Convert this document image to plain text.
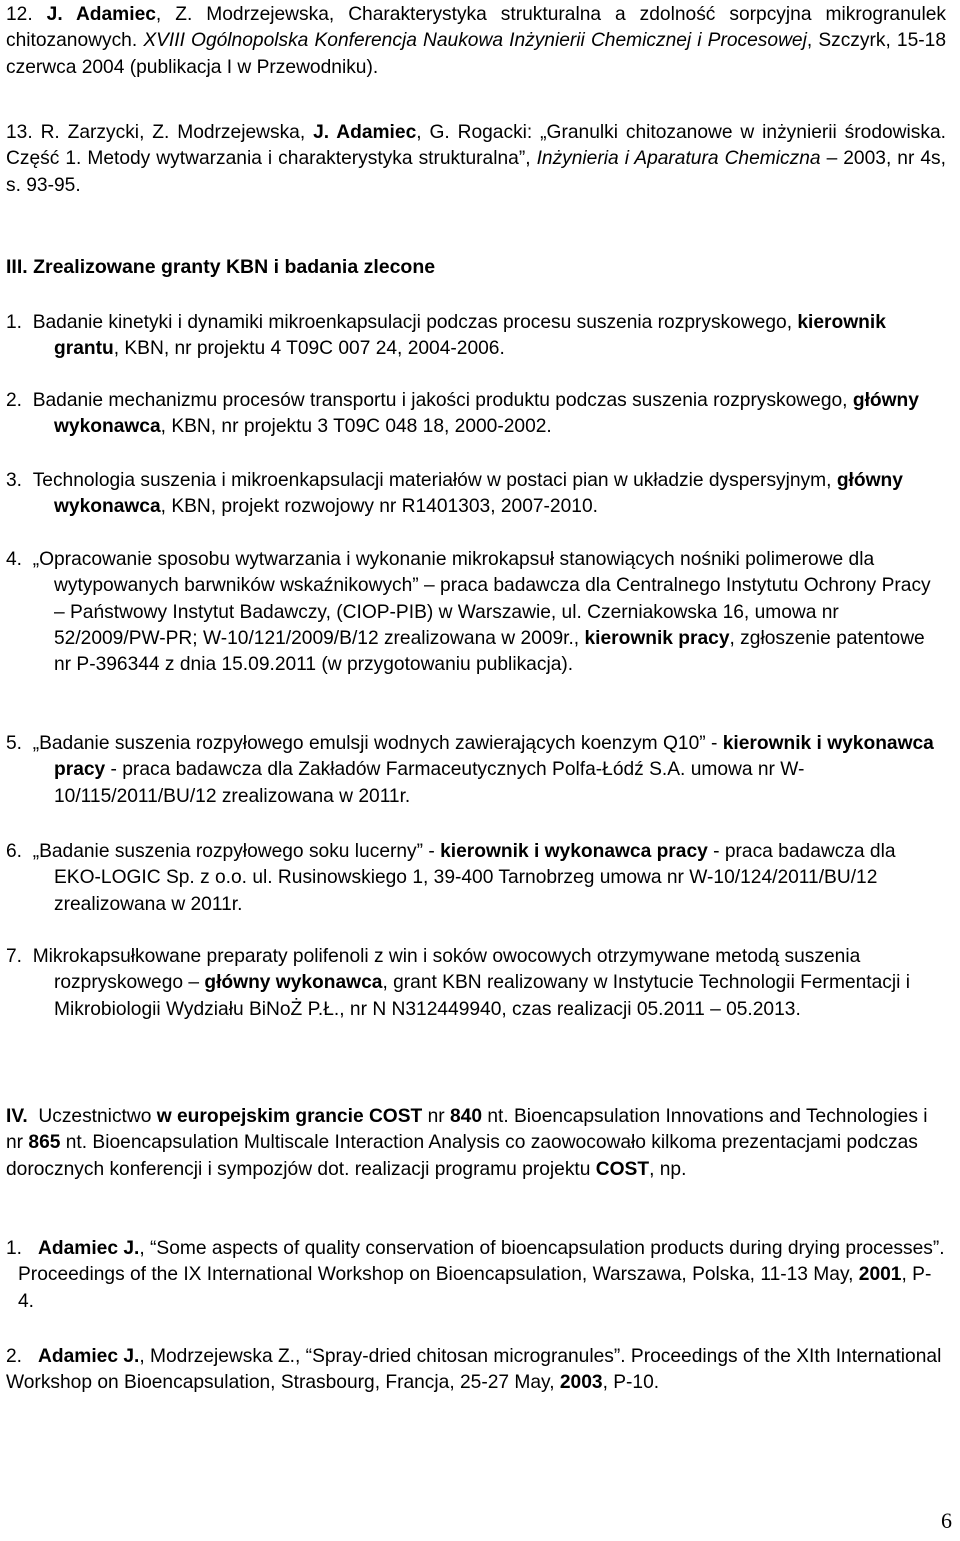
12. J. Adamiec, Z. Modrzejewska, Charakterystyka strukturalna a zdolność sorpcyjna mikrogranulek chitozanowych. XVIII Ogólnopolska Konferencja Naukowa Inżynierii Chemicznej i Procesowej, Szczyrk, 15-18 czerwca 2004 (publikacja I w Przewodniku).
13. R. Zarzycki, Z. Modrzejewska, J. Adamiec, G. Rogacki: „Granulki chitozanowe w inżynierii środowiska. Część 1. Metody wytwarzania i charakterystyka strukturalna”, Inżynieria i Aparatura Chemiczna – 2003, nr 4s, s. 93-95.
III. Zrealizowane granty KBN i badania zlecone
1. Badanie kinetyki i dynamiki mikroenkapsulacji podczas procesu suszenia rozpryskowego, kierownik grantu, KBN, nr projektu 4 T09C 007 24, 2004-2006.
2. Badanie mechanizmu procesów transportu i jakości produktu podczas suszenia rozpryskowego, główny wykonawca, KBN, nr projektu 3 T09C 048 18, 2000-2002.
3. Technologia suszenia i mikroenkapsulacji materiałów w postaci pian w układzie dyspersyjnym, główny wykonawca, KBN, projekt rozwojowy nr R1401303, 2007-2010.
4. „Opracowanie sposobu wytwarzania i wykonanie mikrokapsuł stanowiących nośniki polimerowe dla wytypowanych barwników wskaźnikowych” – praca badawcza dla Centralnego Instytutu Ochrony Pracy – Państwowy Instytut Badawczy, (CIOP-PIB) w Warszawie, ul. Czerniakowska 16, umowa nr 52/2009/PW-PR; W-10/121/2009/B/12 zrealizowana w 2009r., kierownik pracy, zgłoszenie patentowe nr P-396344 z dnia 15.09.2011 (w przygotowaniu publikacja).
5. „Badanie suszenia rozpyłowego emulsji wodnych zawierających koenzym Q10” - kierownik i wykonawca pracy - praca badawcza dla Zakładów Farmaceutycznych Polfa-Łódź S.A. umowa nr W-10/115/2011/BU/12 zrealizowana w 2011r.
6. „Badanie suszenia rozpyłowego soku lucerny” - kierownik i wykonawca pracy - praca badawcza dla EKO-LOGIC Sp. z o.o. ul. Rusinowskiego 1, 39-400 Tarnobrzeg umowa nr W-10/124/2011/BU/12 zrealizowana w 2011r.
7. Mikrokapsułkowane preparaty polifenoli z win i soków owocowych otrzymywane metodą suszenia rozpryskowego – główny wykonawca, grant KBN realizowany w Instytucie Technologii Fermentacji i Mikrobiologii Wydziału BiNoŻ P.Ł., nr N N312449940, czas realizacji 05.2011 – 05.2013.
IV. Uczestnictwo w europejskim grancie COST nr 840 nt. Bioencapsulation Innovations and Technologies i nr 865 nt. Bioencapsulation Multiscale Interaction Analysis co zaowocowało kilkoma prezentacjami podczas dorocznych konferencji i sympozjów dot. realizacji programu projektu COST, np.
1. Adamiec J., “Some aspects of quality conservation of bioencapsulation products during drying processes”. Proceedings of the IX International Workshop on Bioencapsulation, Warszawa, Polska, 11-13 May, 2001, P-4.
2. Adamiec J., Modrzejewska Z., “Spray-dried chitosan microgranules”. Proceedings of the XIth International Workshop on Bioencapsulation, Strasbourg, Francja, 25-27 May, 2003, P-10.
6
